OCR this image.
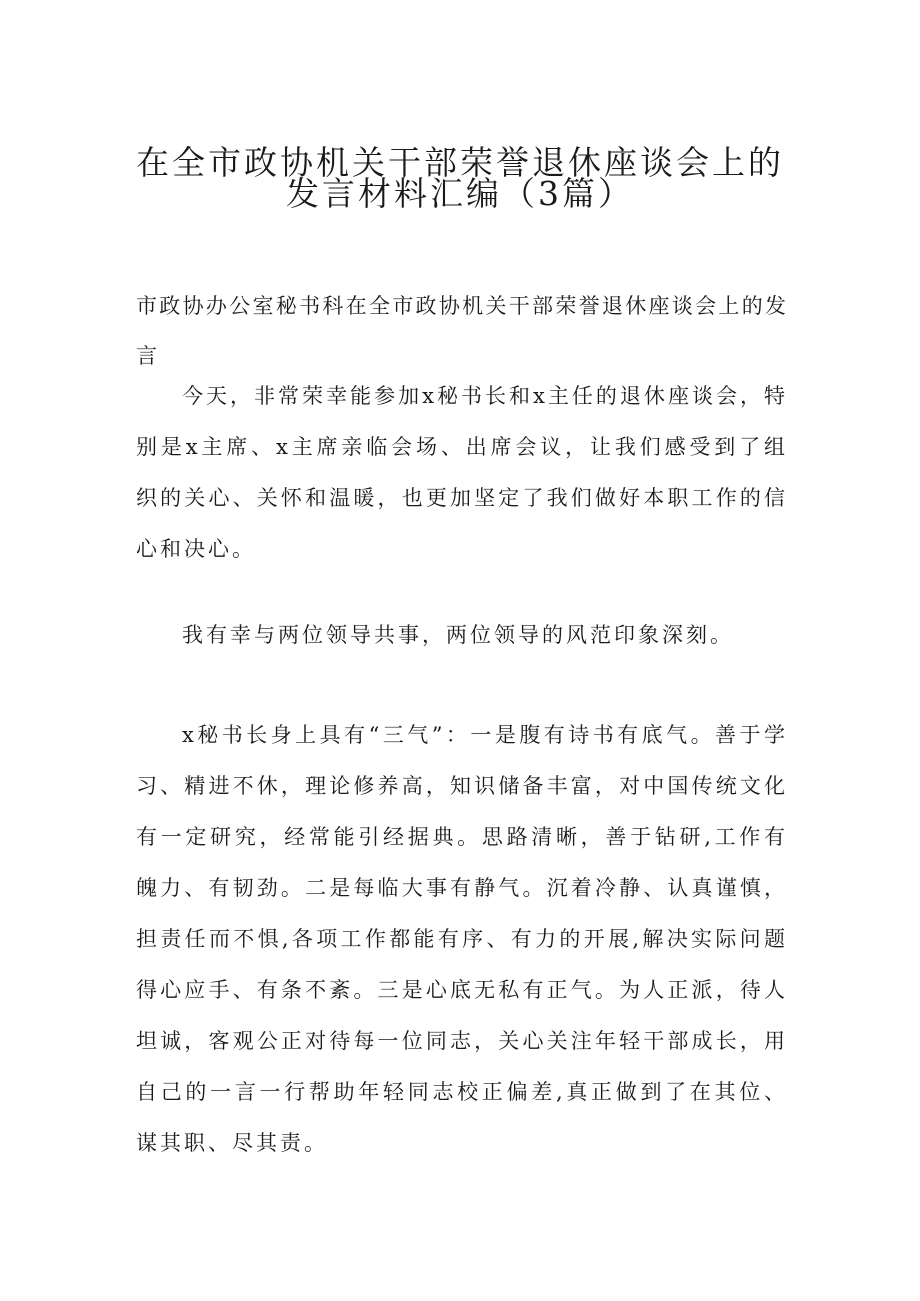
在全市政协机关干部荣誉退休座谈会上的
发言材料汇编（3篇）

市政协办公室秘书科在全市政协机关干部荣誉退休座谈会上的发言

今天，非常荣幸能参加x秘书长和x主任的退休座谈会，特别是x主席、x主席亲临会场、出席会议，让我们感受到了组织的关心、关怀和温暖，也更加坚定了我们做好本职工作的信心和决心。

我有幸与两位领导共事，两位领导的风范印象深刻。

x秘书长身上具有“三气”：一是腹有诗书有底气。善于学习、精进不休，理论修养高，知识储备丰富，对中国传统文化有一定研究，经常能引经据典。思路清晰，善于钻研,工作有魄力、有韧劲。二是每临大事有静气。沉着冷静、认真谨慎，担责任而不惧,各项工作都能有序、有力的开展,解决实际问题得心应手、有条不紊。三是心底无私有正气。为人正派，待人坦诚，客观公正对待每一位同志，关心关注年轻干部成长，用自己的一言一行帮助年轻同志校正偏差,真正做到了在其位、谋其职、尽其责。
